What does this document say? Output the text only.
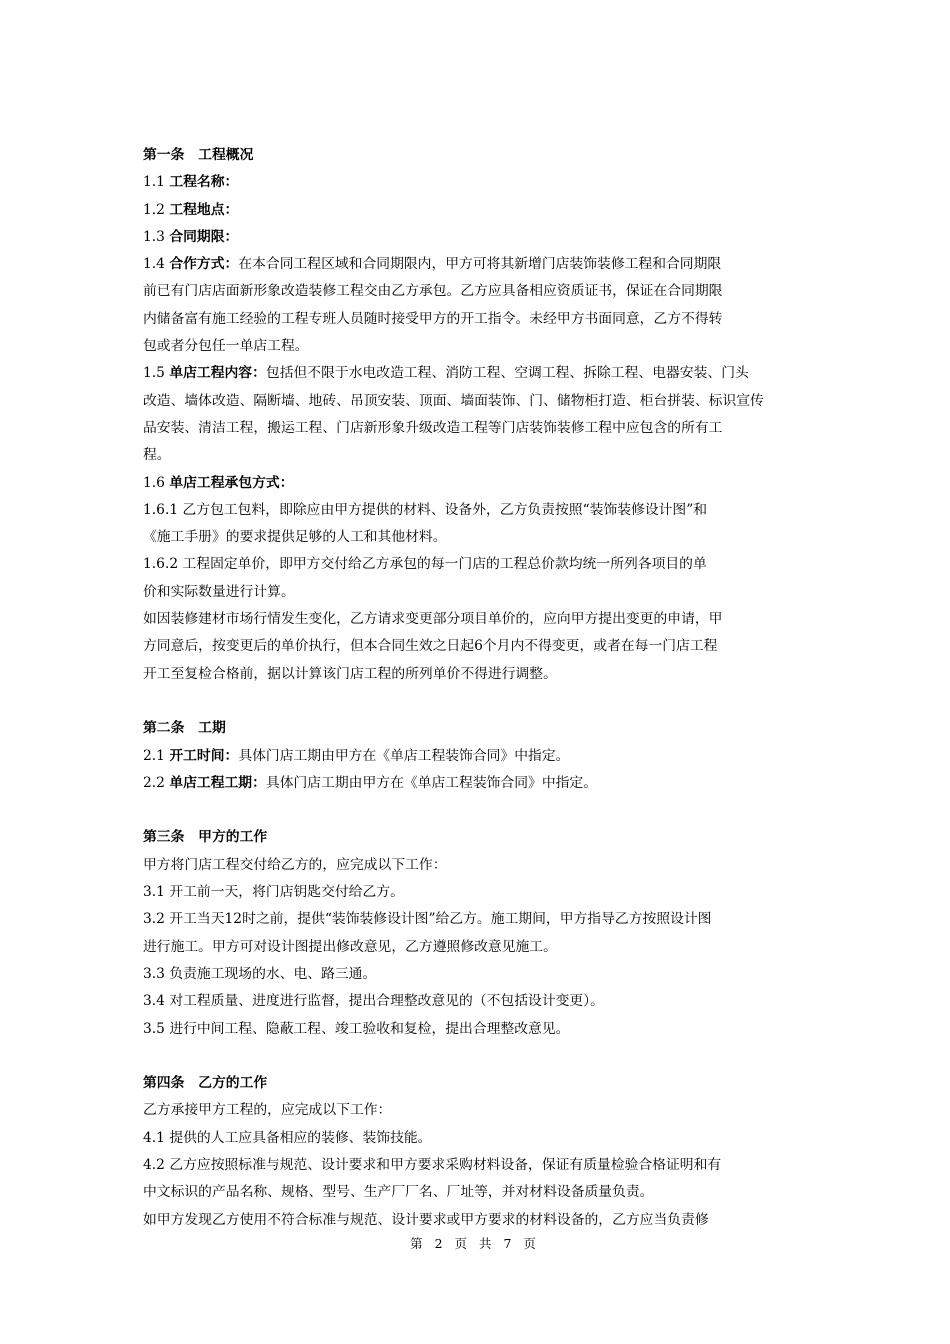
第一条　工程概况
1.1 工程名称：
1.2 工程地点：
1.3 合同期限：
1.4 合作方式：在本合同工程区域和合同期限内，甲方可将其新增门店装饰装修工程和合同期限
前已有门店店面新形象改造装修工程交由乙方承包。乙方应具备相应资质证书，保证在合同期限
内储备富有施工经验的工程专班人员随时接受甲方的开工指令。未经甲方书面同意，乙方不得转
包或者分包任一单店工程。
1.5 单店工程内容：包括但不限于水电改造工程、消防工程、空调工程、拆除工程、电器安装、门头
改造、墙体改造、隔断墙、地砖、吊顶安装、顶面、墙面装饰、门、储物柜打造、柜台拼装、标识宣传
品安装、清洁工程，搬运工程、门店新形象升级改造工程等门店装饰装修工程中应包含的所有工
程。
1.6 单店工程承包方式：
1.6.1 乙方包工包料，即除应由甲方提供的材料、设备外，乙方负责按照“装饰装修设计图”和
《施工手册》的要求提供足够的人工和其他材料。
1.6.2 工程固定单价，即甲方交付给乙方承包的每一门店的工程总价款均统一所列各项目的单
价和实际数量进行计算。
如因装修建材市场行情发生变化，乙方请求变更部分项目单价的，应向甲方提出变更的申请，甲
方同意后，按变更后的单价执行，但本合同生效之日起6个月内不得变更，或者在每一门店工程
开工至复检合格前，据以计算该门店工程的所列单价不得进行调整。
第二条　工期
2.1 开工时间：具体门店工期由甲方在《单店工程装饰合同》中指定。
2.2 单店工程工期：具体门店工期由甲方在《单店工程装饰合同》中指定。
第三条　甲方的工作
甲方将门店工程交付给乙方的，应完成以下工作：
3.1 开工前一天，将门店钥匙交付给乙方。
3.2 开工当天12时之前，提供“装饰装修设计图”给乙方。施工期间，甲方指导乙方按照设计图
进行施工。甲方可对设计图提出修改意见，乙方遵照修改意见施工。
3.3 负责施工现场的水、电、路三通。
3.4 对工程质量、进度进行监督，提出合理整改意见的（不包括设计变更）。
3.5 进行中间工程、隐蔽工程、竣工验收和复检，提出合理整改意见。
第四条　乙方的工作
乙方承接甲方工程的，应完成以下工作：
4.1 提供的人工应具备相应的装修、装饰技能。
4.2 乙方应按照标准与规范、设计要求和甲方要求采购材料设备，保证有质量检验合格证明和有
中文标识的产品名称、规格、型号、生产厂厂名、厂址等，并对材料设备质量负责。
如甲方发现乙方使用不符合标准与规范、设计要求或甲方要求的材料设备的，乙方应当负责修
第 2 页 共 7 页
